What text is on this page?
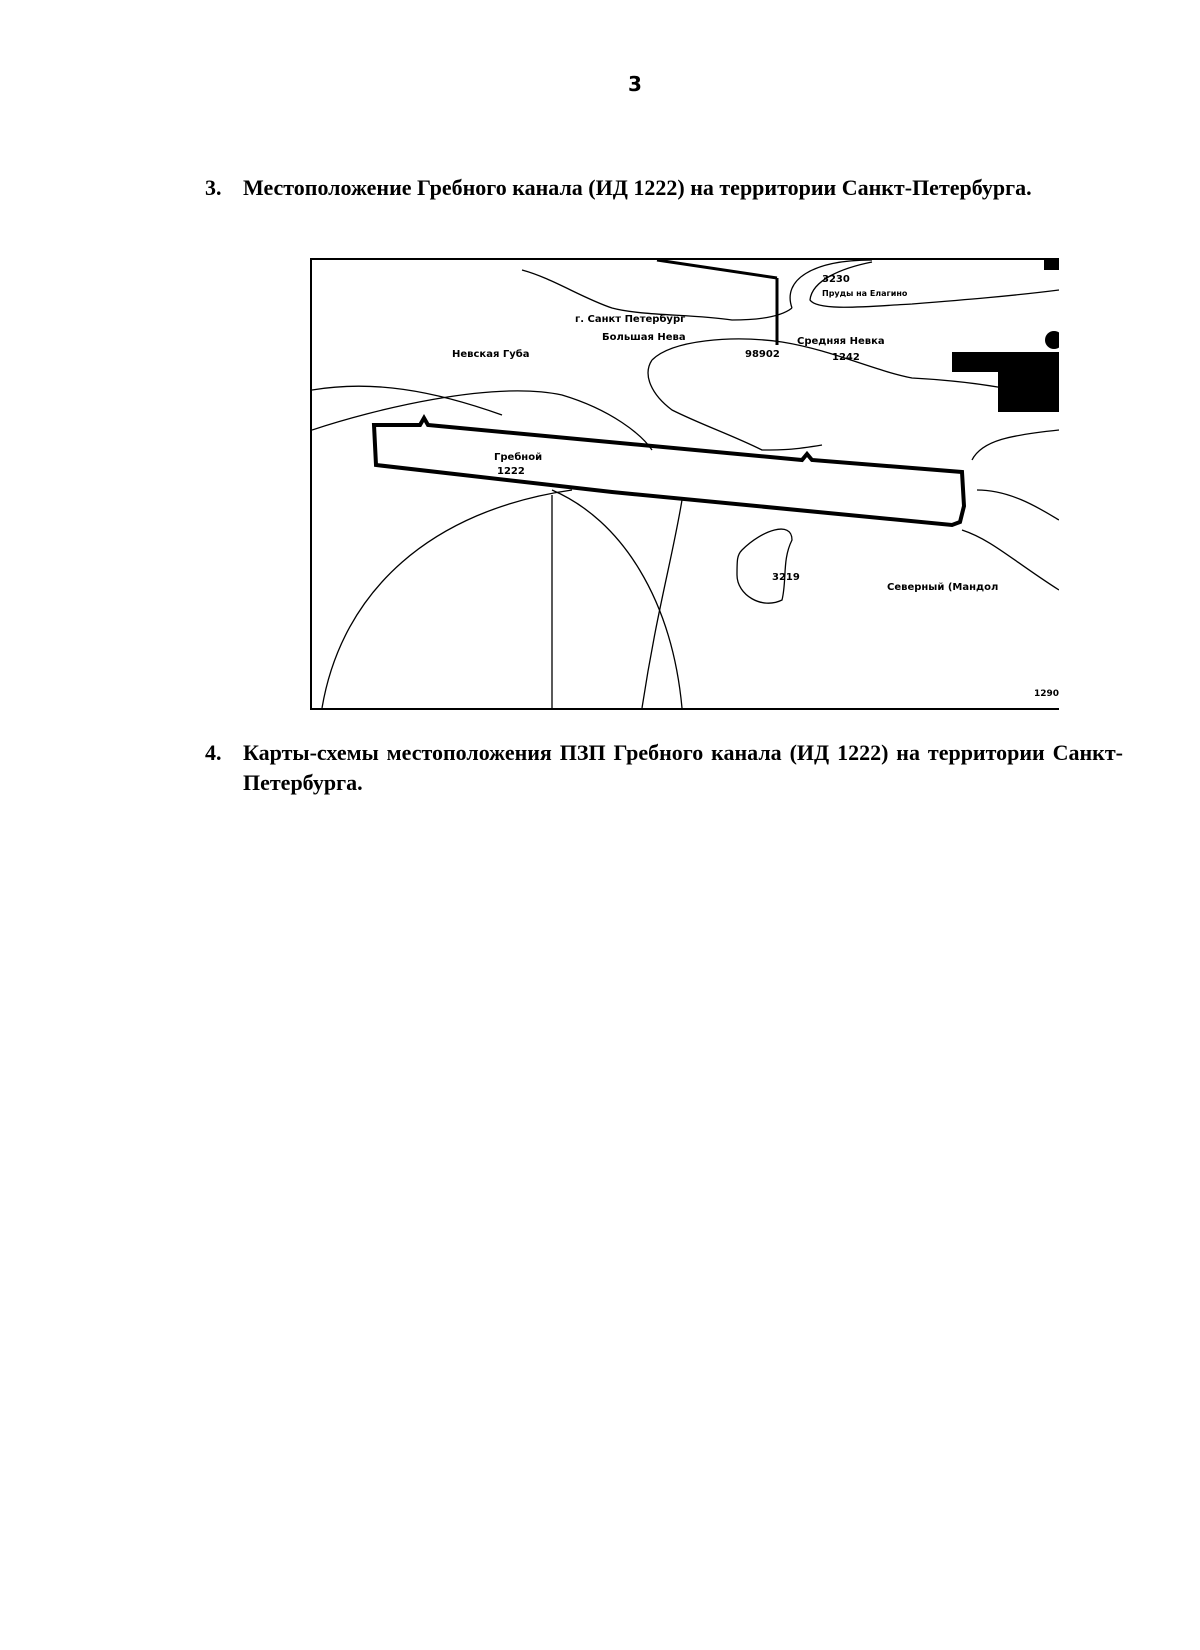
3
3. Местоположение Гребного канала (ИД 1222) на территории Санкт-Петербурга.
3230
Пруды на Елагино
г. Санкт Петербург
Большая Нева
Невская Губа	98902
Средняя Невка
1242
Гребной
1222
3219
Северный (Мандол
1290
4. Карты-схемы местоположения ПЗП Гребного канала (ИД 1222) на территории Санкт-Петербурга.
